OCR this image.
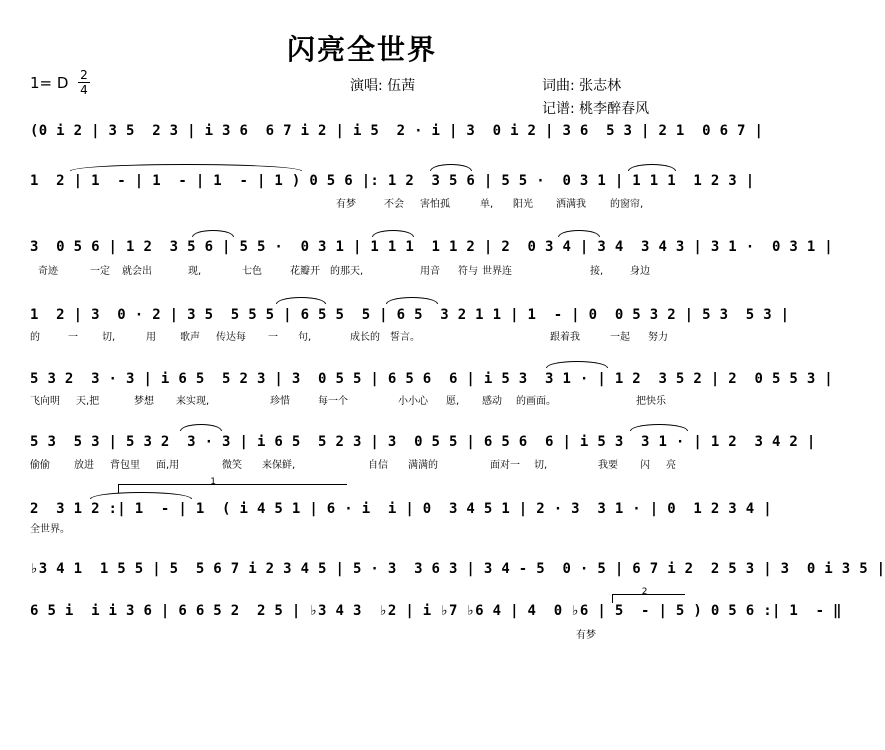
闪亮全世界
1= D 2
4	演唱: 伍茜	词曲: 张志林
记谱: 桃李醉春风
(0 i 2 | 3 5  2 3 | i 3 6  6 7 i 2 | i 5  2 · i | 3  0 i 2 | 3 6  5 3 | 2 1  0 6 7 |
1  2 | 1  - | 1  - | 1  - | 1 ) 0 5 6 |: 1 2  3 5 6 | 5 5 ·  0 3 1 | 1 1 1  1 2 3 |
3  0 5 6 | 1 2  3 5 6 | 5 5 ·  0 3 1 | 1 1 1  1 1 2 | 2  0 3 4 | 3 4  3 4 3 | 3 1 ·  0 3 1 |
1  2 | 3  0 · 2 | 3 5  5 5 5 | 6 5 5  5 | 6 5  3 2 1 1 | 1  - | 0  0 5 3 2 | 5 3  5 3 |
5 3 2  3 · 3 | i 6 5  5 2 3 | 3  0 5 5 | 6 5 6  6 | i 5 3  3 1 · | 1 2  3 5 2 | 2  0 5 5 3 |
5 3  5 3 | 5 3 2  3 · 3 | i 6 5  5 2 3 | 3  0 5 5 | 6 5 6  6 | i 5 3  3 1 · | 1 2  3 4 2 |
2  3 1 2 :| 1  - | 1  ( i 4 5 1 | 6 · i  i | 0  3 4 5 1 | 2 · 3  3 1 · | 0  1 2 3 4 |
♭3 4 1  1 5 5 | 5  5 6 7 i 2 3 4 5 | 5 · 3  3 6 3 | 3 4 - 5  0 · 5 | 6 7 i 2  2 5 3 | 3  0 i 3 5 |
6 5 i  i i 3 6 | 6 6 5 2  2 5 | ♭3 4 3  ♭2 | i ♭7 ♭6 4 | 4  0 ♭6 | 5  - | 5 ) 0 5 6 :| 1  - ‖

有梦

	不会

害怕孤

	单,

阳光

洒满我

的窗帘,

奇迹

	一定

就会出

	现,

	七色

	花瓣开

的那天,

	用音

符与

世界连

	接,

	身边

的

	一

切,

	用

歌声

传达每

一

句,

	成长的

誓言。

	跟着我

	一起

努力

飞向明

天,把

	梦想

来实现,

	珍惜

	每一个

	小小心

愿,

感动

的画面。

	把快乐

偷偷

放进

背包里

面,用

	微笑

来保鲜,

	自信

满满的

	面对一

切,

	我要

闪

亮

全世界。

有梦

1
2
